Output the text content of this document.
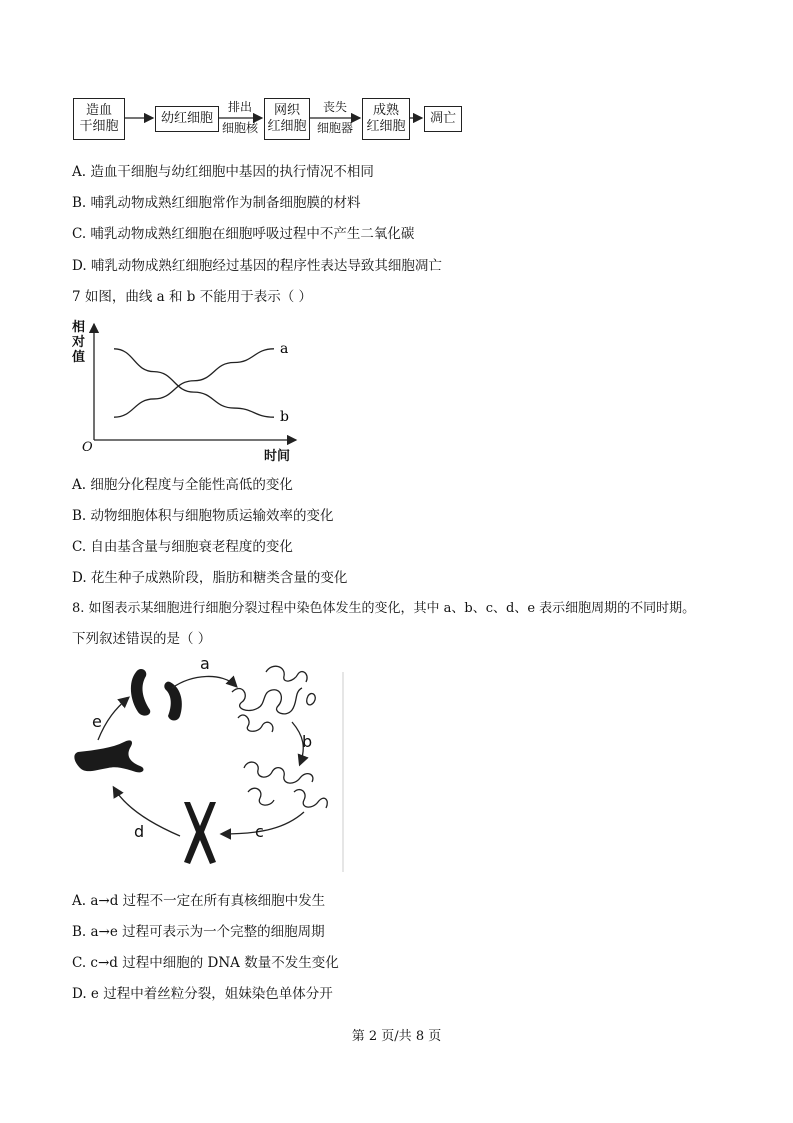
造血
干细胞
幼红细胞
网织
红细胞
成熟
红细胞
凋亡
排出
细胞核
丧失
细胞器
A. 造血干细胞与幼红细胞中基因的执行情况不相同
B. 哺乳动物成熟红细胞常作为制备细胞膜的材料
C. 哺乳动物成熟红细胞在细胞呼吸过程中不产生二氧化碳
D. 哺乳动物成熟红细胞经过基因的程序性表达导致其细胞凋亡
7 如图，曲线 a 和 b 不能用于表示（ ）
a
b
相对值
O
时间
A. 细胞分化程度与全能性高低的变化
B. 动物细胞体积与细胞物质运输效率的变化
C. 自由基含量与细胞衰老程度的变化
D. 花生种子成熟阶段，脂肪和糖类含量的变化
8. 如图表示某细胞进行细胞分裂过程中染色体发生的变化，其中 a、b、c、d、e 表示细胞周期的不同时期。
下列叙述错误的是（ ）
a
b
c
d
e
A. a→d 过程不一定在所有真核细胞中发生
B. a→e 过程可表示为一个完整的细胞周期
C. c→d 过程中细胞的 DNA 数量不发生变化
D. e 过程中着丝粒分裂，姐妹染色单体分开
第 2 页/共 8 页
